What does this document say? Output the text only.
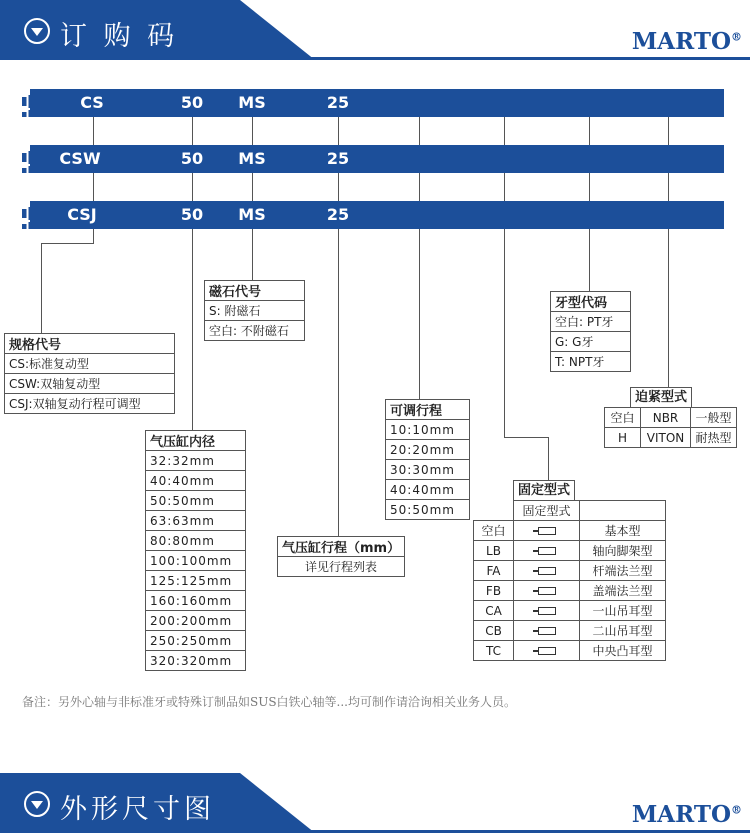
订 购 码	MARTO®
CS	50 MS	25
CSW	50 MS	25
CSJ	50 MS	25
规格代号
CS:标准复动型
CSW:双轴复动型
CSJ:双轴复动行程可调型
磁石代号
S: 附磁石
空白: 不附磁石
气压缸内径
32:32mm
40:40mm
50:50mm
63:63mm
80:80mm
100:100mm
125:125mm
160:160mm
200:200mm
250:250mm
320:320mm
气压缸行程（mm）
详见行程列表
可调行程
10:10mm
20:20mm
30:30mm
40:40mm
50:50mm
固定型式
	固定型式	
空白		基本型
LB		轴向脚架型
FA		杆端法兰型
FB		盖端法兰型
CA		一山吊耳型
CB		二山吊耳型
TC		中央凸耳型
牙型代码
空白: PT牙
G: G牙
T: NPT牙
迫紧型式
空白	NBR	一般型
H	VITON	耐热型
备注：另外心轴与非标准牙或特殊订制品如SUS白铁心轴等...均可制作请洽询相关业务人员。
外形尺寸图	MARTO®
